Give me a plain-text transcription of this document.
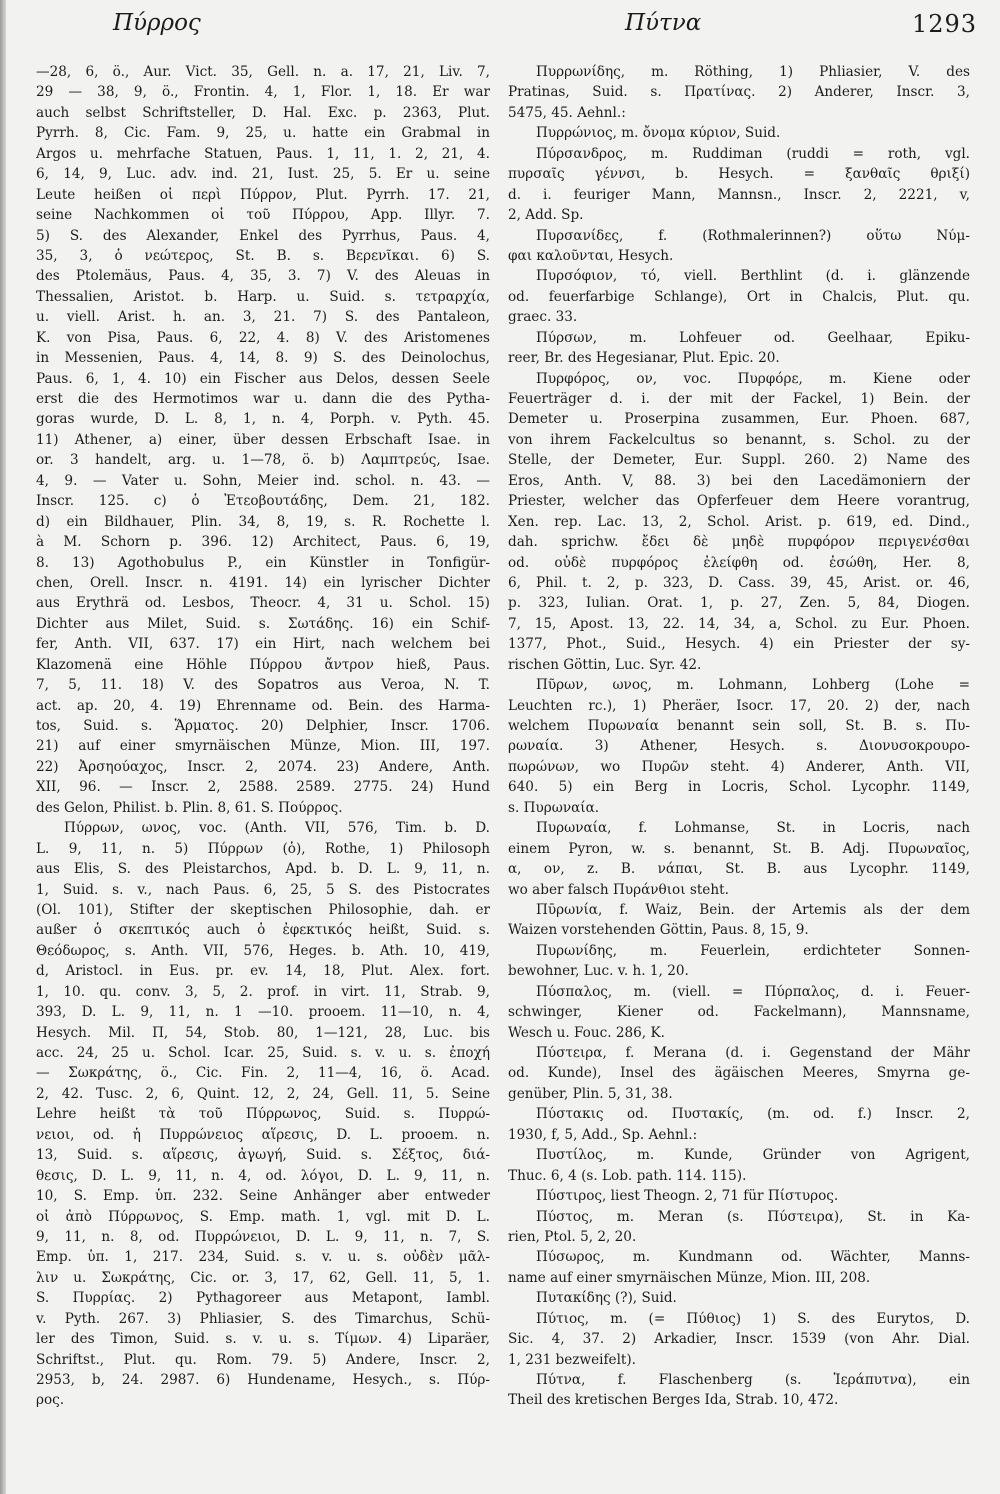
Πύρρος	Πύτνα	1293
—28, 6, ö., Aur. Vict. 35, Gell. n. a. 17, 21, Liv. 7,
29 — 38, 9, ö., Frontin. 4, 1, Flor. 1, 18. Er war
auch selbst Schriftsteller, D. Hal. Exc. p. 2363, Plut.
Pyrrh. 8, Cic. Fam. 9, 25, u. hatte ein Grabmal in
Argos u. mehrfache Statuen, Paus. 1, 11, 1. 2, 21, 4.
6, 14, 9, Luc. adv. ind. 21, Iust. 25, 5. Er u. seine
Leute heißen οἱ περὶ Πύρρον, Plut. Pyrrh. 17. 21,
seine Nachkommen οἱ τοῦ Πύρρου, App. Illyr. 7.
5) S. des Alexander, Enkel des Pyrrhus, Paus. 4,
35, 3, ὁ νεώτερος, St. B. s. Βερενῖκαι. 6) S.
des Ptolemäus, Paus. 4, 35, 3. 7) V. des Aleuas in
Thessalien, Aristot. b. Harp. u. Suid. s. τετραρχία,
u. viell. Arist. h. an. 3, 21. 7) S. des Pantaleon,
K. von Pisa, Paus. 6, 22, 4. 8) V. des Aristomenes
in Messenien, Paus. 4, 14, 8. 9) S. des Deinolochus,
Paus. 6, 1, 4. 10) ein Fischer aus Delos, dessen Seele
erst die des Hermotimos war u. dann die des Pytha-
goras wurde, D. L. 8, 1, n. 4, Porph. v. Pyth. 45.
11) Athener, a) einer, über dessen Erbschaft Isae. in
or. 3 handelt, arg. u. 1—78, ö. b) Λαμπτρεύς, Isae.
4, 9. — Vater u. Sohn, Meier ind. schol. n. 43. —
Inscr. 125. c) ὁ Ἐτεοβουτάδης, Dem. 21, 182.
d) ein Bildhauer, Plin. 34, 8, 19, s. R. Rochette l.
à M. Schorn p. 396. 12) Architect, Paus. 6, 19,
8. 13) Agothobulus P., ein Künstler in Tonfigür-
chen, Orell. Inscr. n. 4191. 14) ein lyrischer Dichter
aus Erythrä od. Lesbos, Theocr. 4, 31 u. Schol. 15)
Dichter aus Milet, Suid. s. Σωτάδης. 16) ein Schif-
fer, Anth. VII, 637. 17) ein Hirt, nach welchem bei
Klazomenä eine Höhle Πύρρου ἄντρον hieß, Paus.
7, 5, 11. 18) V. des Sopatros aus Veroa, N. T.
act. ap. 20, 4. 19) Ehrenname od. Bein. des Harma-
tos, Suid. s. Ἅρματος. 20) Delphier, Inscr. 1706.
21) auf einer smyrnäischen Münze, Mion. III, 197.
22) Ἀρσηούαχος, Inscr. 2, 2074. 23) Andere, Anth.
XII, 96. — Inscr. 2, 2588. 2589. 2775. 24) Hund
des Gelon, Philist. b. Plin. 8, 61. S. Πούρρος.
Πύρρων, ωνος, voc. (Anth. VII, 576, Tim. b. D.
L. 9, 11, n. 5) Πύρρων (ὁ), Rothe, 1) Philosoph
aus Elis, S. des Pleistarchos, Apd. b. D. L. 9, 11, n.
1, Suid. s. v., nach Paus. 6, 25, 5 S. des Pistocrates
(Ol. 101), Stifter der skeptischen Philosophie, dah. er
außer ὁ σκεπτικός auch ὁ ἐφεκτικός heißt, Suid. s.
Θεόδωρος, s. Anth. VII, 576, Heges. b. Ath. 10, 419,
d, Aristocl. in Eus. pr. ev. 14, 18, Plut. Alex. fort.
1, 10. qu. conv. 3, 5, 2. prof. in virt. 11, Strab. 9,
393, D. L. 9, 11, n. 1 —10. prooem. 11—10, n. 4,
Hesych. Mil. Π, 54, Stob. 80, 1—121, 28, Luc. bis
acc. 24, 25 u. Schol. Icar. 25, Suid. s. v. u. s. ἐποχή
— Σωκράτης, ö., Cic. Fin. 2, 11—4, 16, ö. Acad.
2, 42. Tusc. 2, 6, Quint. 12, 2, 24, Gell. 11, 5. Seine
Lehre heißt τὰ τοῦ Πύρρωνος, Suid. s. Πυρρώ-
νειοι, od. ἡ Πυρρώνειος αἵρεσις, D. L. prooem. n.
13, Suid. s. αἵρεσις, ἀγωγή, Suid. s. Σέξτος, διά-
θεσις, D. L. 9, 11, n. 4, od. λόγοι, D. L. 9, 11, n.
10, S. Emp. ὑπ. 232. Seine Anhänger aber entweder
οἱ ἀπὸ Πύρρωνος, S. Emp. math. 1, vgl. mit D. L.
9, 11, n. 8, od. Πυρρώνειοι, D. L. 9, 11, n. 7, S.
Emp. ὑπ. 1, 217. 234, Suid. s. v. u. s. οὐδὲν μᾶλ-
λιν u. Σωκράτης, Cic. or. 3, 17, 62, Gell. 11, 5, 1.
S. Πυρρίας. 2) Pythagoreer aus Metapont, Iambl.
v. Pyth. 267. 3) Phliasier, S. des Timarchus, Schü-
ler des Timon, Suid. s. v. u. s. Τίμων. 4) Liparäer,
Schriftst., Plut. qu. Rom. 79. 5) Andere, Inscr. 2,
2953, b, 24. 2987. 6) Hundename, Hesych., s. Πύρ-
ρος.
Πυρρωνίδης, m. Röthing, 1) Phliasier, V. des
Pratinas, Suid. s. Πρατίνας. 2) Anderer, Inscr. 3,
5475, 45. Aehnl.:
Πυρρώνιος, m. ὄνομα κύριον, Suid.
Πύρσανδρος, m. Ruddiman (ruddi = roth, vgl.
πυρσαῖς γέννσι, b. Hesych. = ξανθαῖς θριξί)
d. i. feuriger Mann, Mannsn., Inscr. 2, 2221, v,
2, Add. Sp.
Πυρσανίδες, f. (Rothmalerinnen?) οὕτω Νύμ-
φαι καλοῦνται, Hesych.
Πυρσόφιον, τό, viell. Berthlint (d. i. glänzende
od. feuerfarbige Schlange), Ort in Chalcis, Plut. qu.
graec. 33.
Πύρσων, m. Lohfeuer od. Geelhaar, Epiku-
reer, Br. des Hegesianar, Plut. Epic. 20.
Πυρφόρος, ον, voc. Πυρφόρε, m. Kiene oder
Feuerträger d. i. der mit der Fackel, 1) Bein. der
Demeter u. Proserpina zusammen, Eur. Phoen. 687,
von ihrem Fackelcultus so benannt, s. Schol. zu der
Stelle, der Demeter, Eur. Suppl. 260. 2) Name des
Eros, Anth. V, 88. 3) bei den Lacedämoniern der
Priester, welcher das Opferfeuer dem Heere vorantrug,
Xen. rep. Lac. 13, 2, Schol. Arist. p. 619, ed. Dind.,
dah. sprichw. ἔδει δὲ μηδὲ πυρφόρον περιγενέσθαι
od. οὐδὲ πυρφόρος ἐλείφθη od. ἐσώθη, Her. 8,
6, Phil. t. 2, p. 323, D. Cass. 39, 45, Arist. or. 46,
p. 323, Iulian. Orat. 1, p. 27, Zen. 5, 84, Diogen.
7, 15, Apost. 13, 22. 14, 34, a, Schol. zu Eur. Phoen.
1377, Phot., Suid., Hesych. 4) ein Priester der sy-
rischen Göttin, Luc. Syr. 42.
Πῦρων, ωνος, m. Lohmann, Lohberg (Lohe =
Leuchten rc.), 1) Pheräer, Isocr. 17, 20. 2) der, nach
welchem Πυρωναία benannt sein soll, St. B. s. Πυ-
ρωναία. 3) Athener, Hesych. s. Διονυσοκρουρο-
πωρώνων, wo Πυρῶν steht. 4) Anderer, Anth. VII,
640. 5) ein Berg in Locris, Schol. Lycophr. 1149,
s. Πυρωναία.
Πυρωναία, f. Lohmanse, St. in Locris, nach
einem Pyron, w. s. benannt, St. B. Adj. Πυρωναῖος,
α, ον, z. B. νάπαι, St. B. aus Lycophr. 1149,
wo aber falsch Πυράνθιοι steht.
Πῡρωνία, f. Waiz, Bein. der Artemis als der dem
Waizen vorstehenden Göttin, Paus. 8, 15, 9.
Πυρωνίδης, m. Feuerlein, erdichteter Sonnen-
bewohner, Luc. v. h. 1, 20.
Πύσπαλος, m. (viell. = Πύρπαλος, d. i. Feuer-
schwinger, Kiener od. Fackelmann), Mannsname,
Wesch u. Fouc. 286, K.
Πύστειρα, f. Merana (d. i. Gegenstand der Mähr
od. Kunde), Insel des ägäischen Meeres, Smyrna ge-
genüber, Plin. 5, 31, 38.
Πύστακις od. Πυστακίς, (m. od. f.) Inscr. 2,
1930, f, 5, Add., Sp. Aehnl.:
Πυστίλος, m. Kunde, Gründer von Agrigent,
Thuc. 6, 4 (s. Lob. path. 114. 115).
Πύστιρος, liest Theogn. 2, 71 für Πίστυρος.
Πύστος, m. Meran (s. Πύστειρα), St. in Ka-
rien, Ptol. 5, 2, 20.
Πύσωρος, m. Kundmann od. Wächter, Manns-
name auf einer smyrnäischen Münze, Mion. III, 208.
Πυτακίδης (?), Suid.
Πύτιος, m. (= Πύθιος) 1) S. des Eurytos, D.
Sic. 4, 37. 2) Arkadier, Inscr. 1539 (von Ahr. Dial.
1, 231 bezweifelt).
Πύτνα, f. Flaschenberg (s. Ἱεράπυτνα), ein
Theil des kretischen Berges Ida, Strab. 10, 472.
